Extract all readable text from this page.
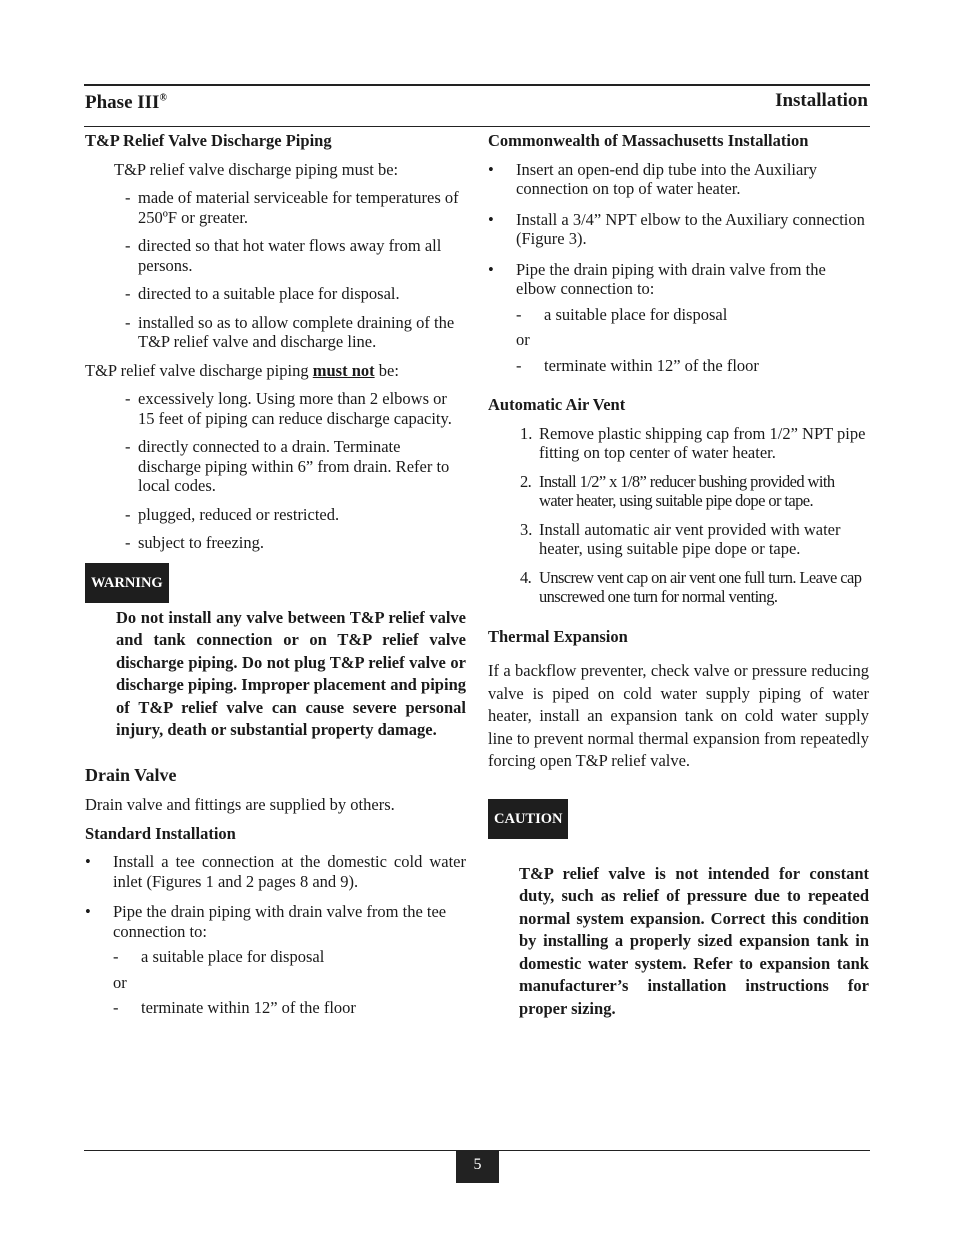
Phase III®	Installation
T&P Relief Valve Discharge Piping

T&P relief valve discharge piping must be:

- made of material serviceable for temperatures of 250ºF or greater.
- directed so that hot water flows away from all persons.
- directed to a suitable place for disposal.
- installed so as to allow complete draining of the T&P relief valve and discharge line.

T&P relief valve discharge piping must not be:

- excessively long. Using more than 2 elbows or 15 feet of piping can reduce discharge capacity.
- directly connected to a drain. Terminate discharge piping within 6” from drain. Refer to local codes.
- plugged, reduced or restricted.
- subject to freezing.
WARNING
Do not install any valve between T&P relief valve and tank connection or on T&P relief valve discharge piping. Do not plug T&P relief valve or discharge piping. Improper placement and piping of T&P relief valve can cause severe personal injury, death or substantial property damage.
Drain Valve

Drain valve and fittings are supplied by others.

Standard Installation
• Install a tee connection at the domestic cold water inlet (Figures 1 and 2 pages 8 and 9).
• Pipe the drain piping with drain valve from the tee connection to:
- a suitable place for disposal
or
- terminate within 12” of the floor
Commonwealth of Massachusetts Installation
• Insert an open-end dip tube into the Auxiliary connection on top of water heater.
• Install a 3/4” NPT elbow to the Auxiliary connection (Figure 3).
• Pipe the drain piping with drain valve from the elbow connection to:
- a suitable place for disposal
or
- terminate within 12” of the floor
Automatic Air Vent
1. Remove plastic shipping cap from 1/2” NPT pipe fitting on top center of water heater.
2. Install 1/2” x 1/8” reducer bushing provided with water heater, using suitable pipe dope or tape.
3. Install automatic air vent provided with water heater, using suitable pipe dope or tape.
4. Unscrew vent cap on air vent one full turn. Leave cap unscrewed one turn for normal venting.
Thermal Expansion
If a backflow preventer, check valve or pressure reducing valve is piped on cold water supply piping of water heater, install an expansion tank on cold water supply line to prevent normal thermal expansion from repeatedly forcing open T&P relief valve.
CAUTION
T&P relief valve is not intended for constant duty, such as relief of pressure due to repeated normal system expansion. Correct this condition by installing a properly sized expansion tank in domestic water system. Refer to expansion tank manufacturer’s installation instructions for proper sizing.
5
